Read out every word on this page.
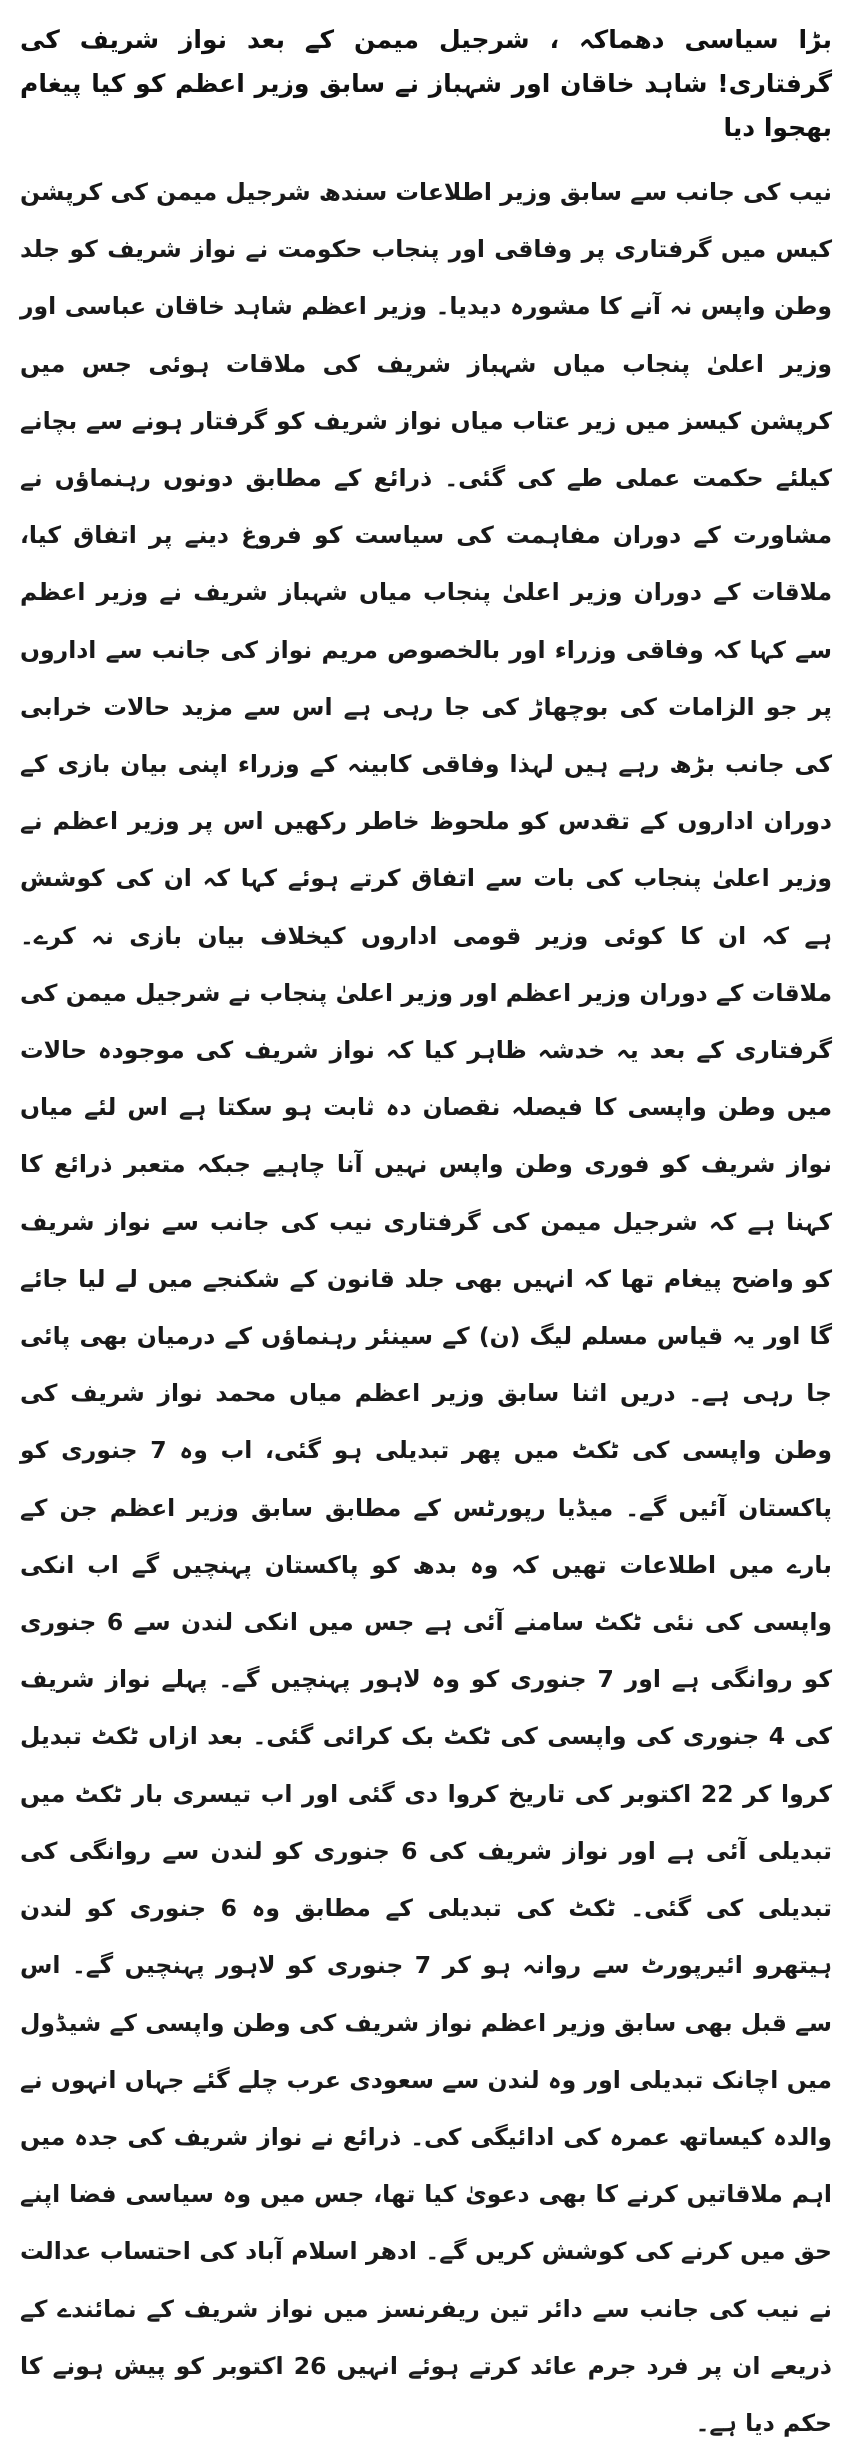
بڑا سیاسی دھماکہ ، شرجیل میمن کے بعد نواز شریف کی گرفتاری! شاہد خاقان اور شہباز نے سابق وزیر اعظم کو کیا پیغام بھجوا دیا

نیب کی جانب سے سابق وزیر اطلاعات سندھ شرجیل میمن کی کرپشن کیس میں گرفتاری پر وفاقی اور پنجاب حکومت نے نواز شریف کو جلد وطن واپس نہ آنے کا مشورہ دیدیا۔ وزیر اعظم شاہد خاقان عباسی اور وزیر اعلیٰ پنجاب میاں شہباز شریف کی ملاقات ہوئی جس میں کرپشن کیسز میں زیر عتاب میاں نواز شریف کو گرفتار ہونے سے بچانے کیلئے حکمت عملی طے کی گئی۔ ذرائع کے مطابق دونوں رہنماؤں نے مشاورت کے دوران مفاہمت کی سیاست کو فروغ دینے پر اتفاق کیا، ملاقات کے دوران وزیر اعلیٰ پنجاب میاں شہباز شریف نے وزیر اعظم سے کہا کہ وفاقی وزراء اور بالخصوص مریم نواز کی جانب سے اداروں پر جو الزامات کی بوچھاڑ کی جا رہی ہے اس سے مزید حالات خرابی کی جانب بڑھ رہے ہیں لہذا وفاقی کابینہ کے وزراء اپنی بیان بازی کے دوران اداروں کے تقدس کو ملحوظ خاطر رکھیں اس پر وزیر اعظم نے وزیر اعلیٰ پنجاب کی بات سے اتفاق کرتے ہوئے کہا کہ ان کی کوشش ہے کہ ان کا کوئی وزیر قومی اداروں کیخلاف بیان بازی نہ کرے۔ ملاقات کے دوران وزیر اعظم اور وزیر اعلیٰ پنجاب نے شرجیل میمن کی گرفتاری کے بعد یہ خدشہ ظاہر کیا کہ نواز شریف کی موجودہ حالات میں وطن واپسی کا فیصلہ نقصان دہ ثابت ہو سکتا ہے اس لئے میاں نواز شریف کو فوری وطن واپس نہیں آنا چاہیے جبکہ متعبر ذرائع کا کہنا ہے کہ شرجیل میمن کی گرفتاری نیب کی جانب سے نواز شریف کو واضح پیغام تھا کہ انہیں بھی جلد قانون کے شکنجے میں لے لیا جائے گا اور یہ قیاس مسلم لیگ (ن) کے سینئر رہنماؤں کے درمیان بھی پائی جا رہی ہے۔ دریں اثنا سابق وزیر اعظم میاں محمد نواز شریف کی وطن واپسی کی ٹکٹ میں پھر تبدیلی ہو گئی، اب وہ 7 جنوری کو پاکستان آئیں گے۔ میڈیا رپورٹس کے مطابق سابق وزیر اعظم جن کے بارے میں اطلاعات تھیں کہ وہ بدھ کو پاکستان پہنچیں گے اب انکی واپسی کی نئی ٹکٹ سامنے آئی ہے جس میں انکی لندن سے 6 جنوری کو روانگی ہے اور 7 جنوری کو وہ لاہور پہنچیں گے۔ پہلے نواز شریف کی 4 جنوری کی واپسی کی ٹکٹ بک کرائی گئی۔ بعد ازاں ٹکٹ تبدیل کروا کر 22 اکتوبر کی تاریخ کروا دی گئی اور اب تیسری بار ٹکٹ میں تبدیلی آئی ہے اور نواز شریف کی 6 جنوری کو لندن سے روانگی کی تبدیلی کی گئی۔ ٹکٹ کی تبدیلی کے مطابق وہ 6 جنوری کو لندن ہیتھرو ائیرپورٹ سے روانہ ہو کر 7 جنوری کو لاہور پہنچیں گے۔ اس سے قبل بھی سابق وزیر اعظم نواز شریف کی وطن واپسی کے شیڈول میں اچانک تبدیلی اور وہ لندن سے سعودی عرب چلے گئے جہاں انہوں نے والدہ کیساتھ عمرہ کی ادائیگی کی۔ ذرائع نے نواز شریف کی جدہ میں اہم ملاقاتیں کرنے کا بھی دعویٰ کیا تھا، جس میں وہ سیاسی فضا اپنے حق میں کرنے کی کوشش کریں گے۔ ادھر اسلام آباد کی احتساب عدالت نے نیب کی جانب سے دائر تین ریفرنسز میں نواز شریف کے نمائندے کے ذریعے ان پر فرد جرم عائد کرتے ہوئے انہیں 26 اکتوبر کو پیش ہونے کا حکم دیا ہے۔
